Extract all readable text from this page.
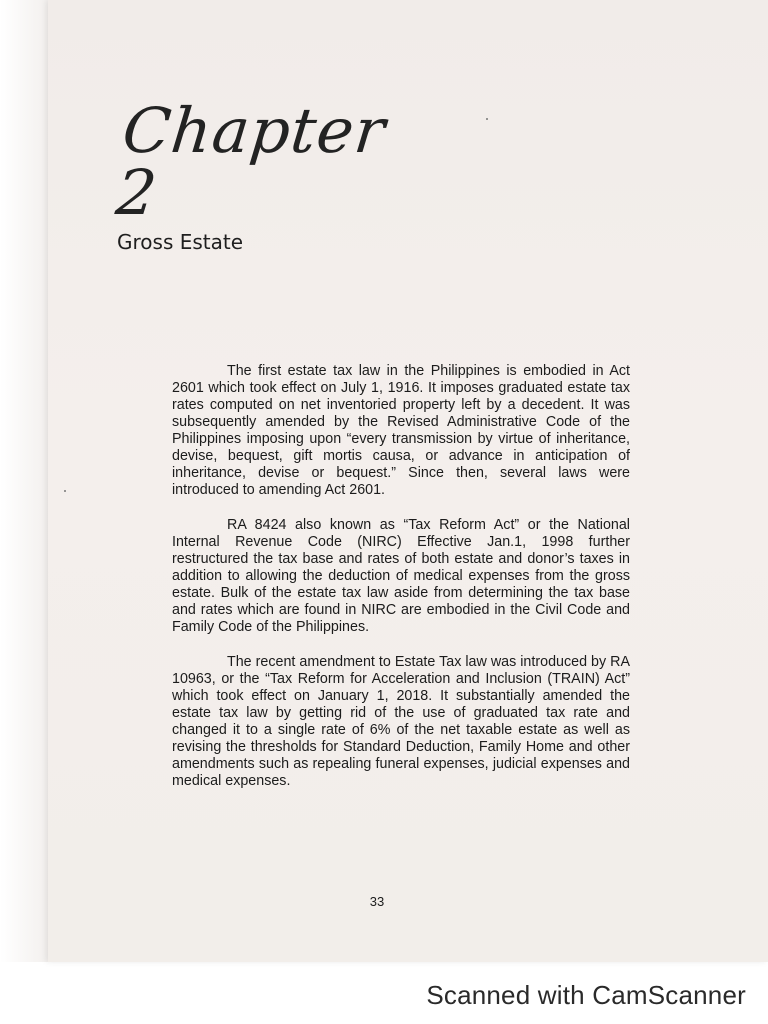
Chapter 2
Gross Estate

The first estate tax law in the Philippines is embodied in Act 2601 which took effect on July 1, 1916. It imposes graduated estate tax rates computed on net inventoried property left by a decedent. It was subsequently amended by the Revised Administrative Code of the Philippines imposing upon “every transmission by virtue of inheritance, devise, bequest, gift mortis causa, or advance in anticipation of inheritance, devise or bequest.” Since then, several laws were introduced to amending Act 2601.

RA 8424 also known as “Tax Reform Act” or the National Internal Revenue Code (NIRC) Effective Jan.1, 1998 further restructured the tax base and rates of both estate and donor’s taxes in addition to allowing the deduction of medical expenses from the gross estate. Bulk of the estate tax law aside from determining the tax base and rates which are found in NIRC are embodied in the Civil Code and Family Code of the Philippines.

The recent amendment to Estate Tax law was introduced by RA 10963, or the “Tax Reform for Acceleration and Inclusion (TRAIN) Act” which took effect on January 1, 2018. It substantially amended the estate tax law by getting rid of the use of graduated tax rate and changed it to a single rate of 6% of the net taxable estate as well as revising the thresholds for Standard Deduction, Family Home and other amendments such as repealing funeral expenses, judicial expenses and medical expenses.

33
Scanned with CamScanner
